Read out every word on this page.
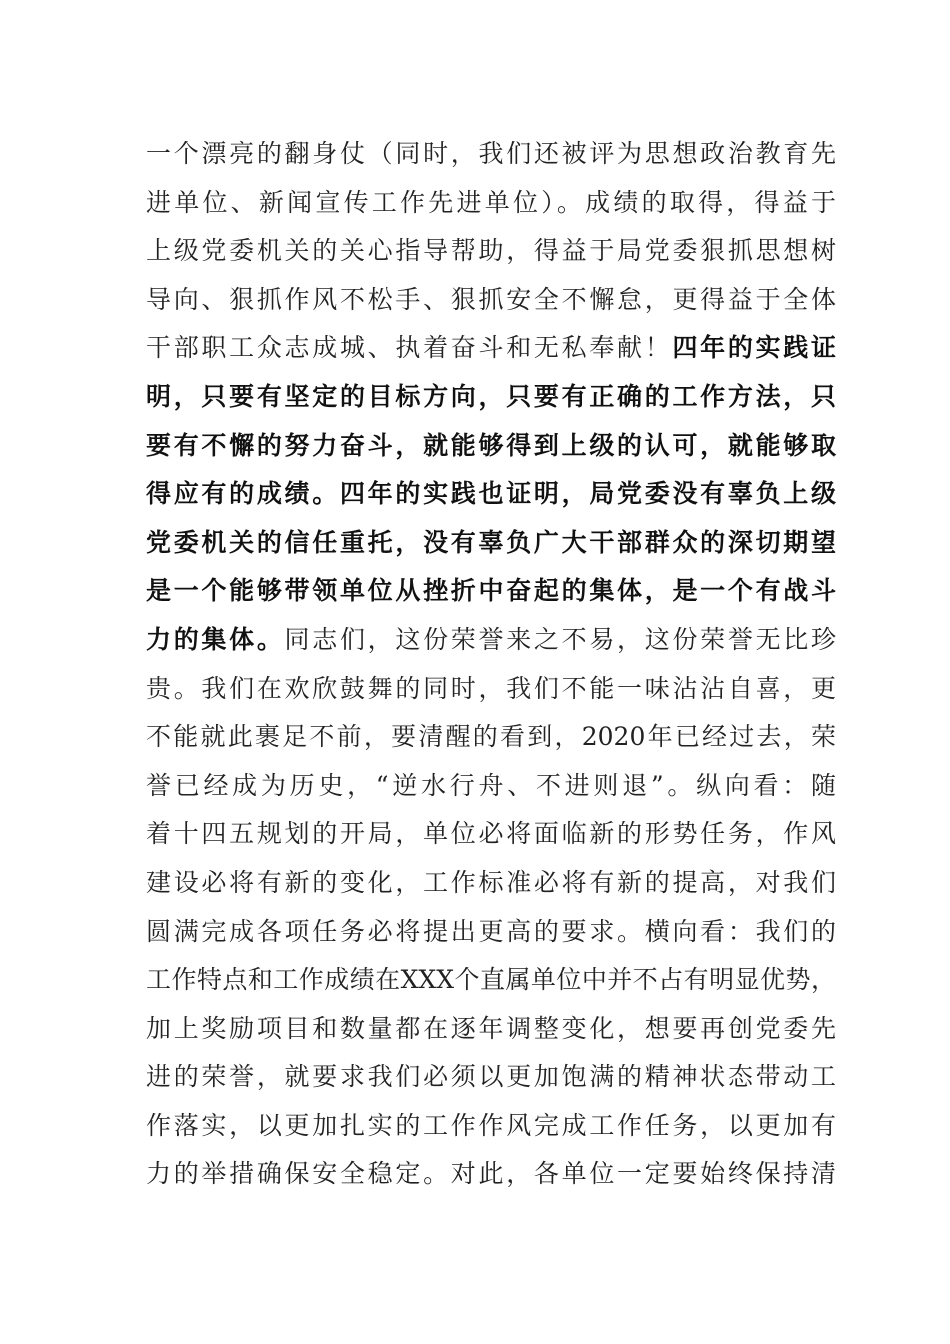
一个漂亮的翻身仗（同时，我们还被评为思想政治教育先
进单位、新闻宣传工作先进单位）。成绩的取得，得益于
上级党委机关的关心指导帮助，得益于局党委狠抓思想树
导向、狠抓作风不松手、狠抓安全不懈怠，更得益于全体
干部职工众志成城、执着奋斗和无私奉献！四年的实践证
明，只要有坚定的目标方向，只要有正确的工作方法，只
要有不懈的努力奋斗，就能够得到上级的认可，就能够取
得应有的成绩。四年的实践也证明，局党委没有辜负上级
党委机关的信任重托，没有辜负广大干部群众的深切期望
是一个能够带领单位从挫折中奋起的集体，是一个有战斗
力的集体。同志们，这份荣誉来之不易，这份荣誉无比珍
贵。我们在欢欣鼓舞的同时，我们不能一味沾沾自喜，更
不能就此裹足不前，要清醒的看到，2020年已经过去，荣
誉已经成为历史，“逆水行舟、不进则退”。纵向看：随
着十四五规划的开局，单位必将面临新的形势任务，作风
建设必将有新的变化，工作标准必将有新的提高，对我们
圆满完成各项任务必将提出更高的要求。横向看：我们的
工作特点和工作成绩在XXX个直属单位中并不占有明显优势，
加上奖励项目和数量都在逐年调整变化，想要再创党委先
进的荣誉，就要求我们必须以更加饱满的精神状态带动工
作落实，以更加扎实的工作作风完成工作任务，以更加有
力的举措确保安全稳定。对此，各单位一定要始终保持清
